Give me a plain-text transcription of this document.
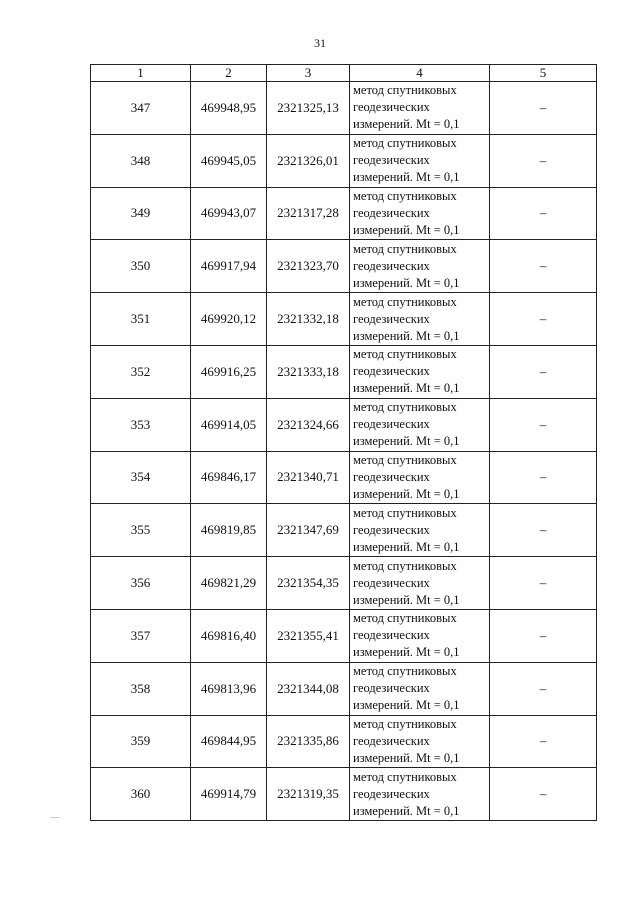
31
1	2	3	4	5
347	469948,95	2321325,13	метод спутниковых
геодезических
измерений. Mt = 0,1	–
348	469945,05	2321326,01	метод спутниковых
геодезических
измерений. Mt = 0,1	–
349	469943,07	2321317,28	метод спутниковых
геодезических
измерений. Mt = 0,1	–
350	469917,94	2321323,70	метод спутниковых
геодезических
измерений. Mt = 0,1	–
351	469920,12	2321332,18	метод спутниковых
геодезических
измерений. Mt = 0,1	–
352	469916,25	2321333,18	метод спутниковых
геодезических
измерений. Mt = 0,1	–
353	469914,05	2321324,66	метод спутниковых
геодезических
измерений. Mt = 0,1	–
354	469846,17	2321340,71	метод спутниковых
геодезических
измерений. Mt = 0,1	–
355	469819,85	2321347,69	метод спутниковых
геодезических
измерений. Mt = 0,1	–
356	469821,29	2321354,35	метод спутниковых
геодезических
измерений. Mt = 0,1	–
357	469816,40	2321355,41	метод спутниковых
геодезических
измерений. Mt = 0,1	–
358	469813,96	2321344,08	метод спутниковых
геодезических
измерений. Mt = 0,1	–
359	469844,95	2321335,86	метод спутниковых
геодезических
измерений. Mt = 0,1	–
360	469914,79	2321319,35	метод спутниковых
геодезических
измерений. Mt = 0,1	–
